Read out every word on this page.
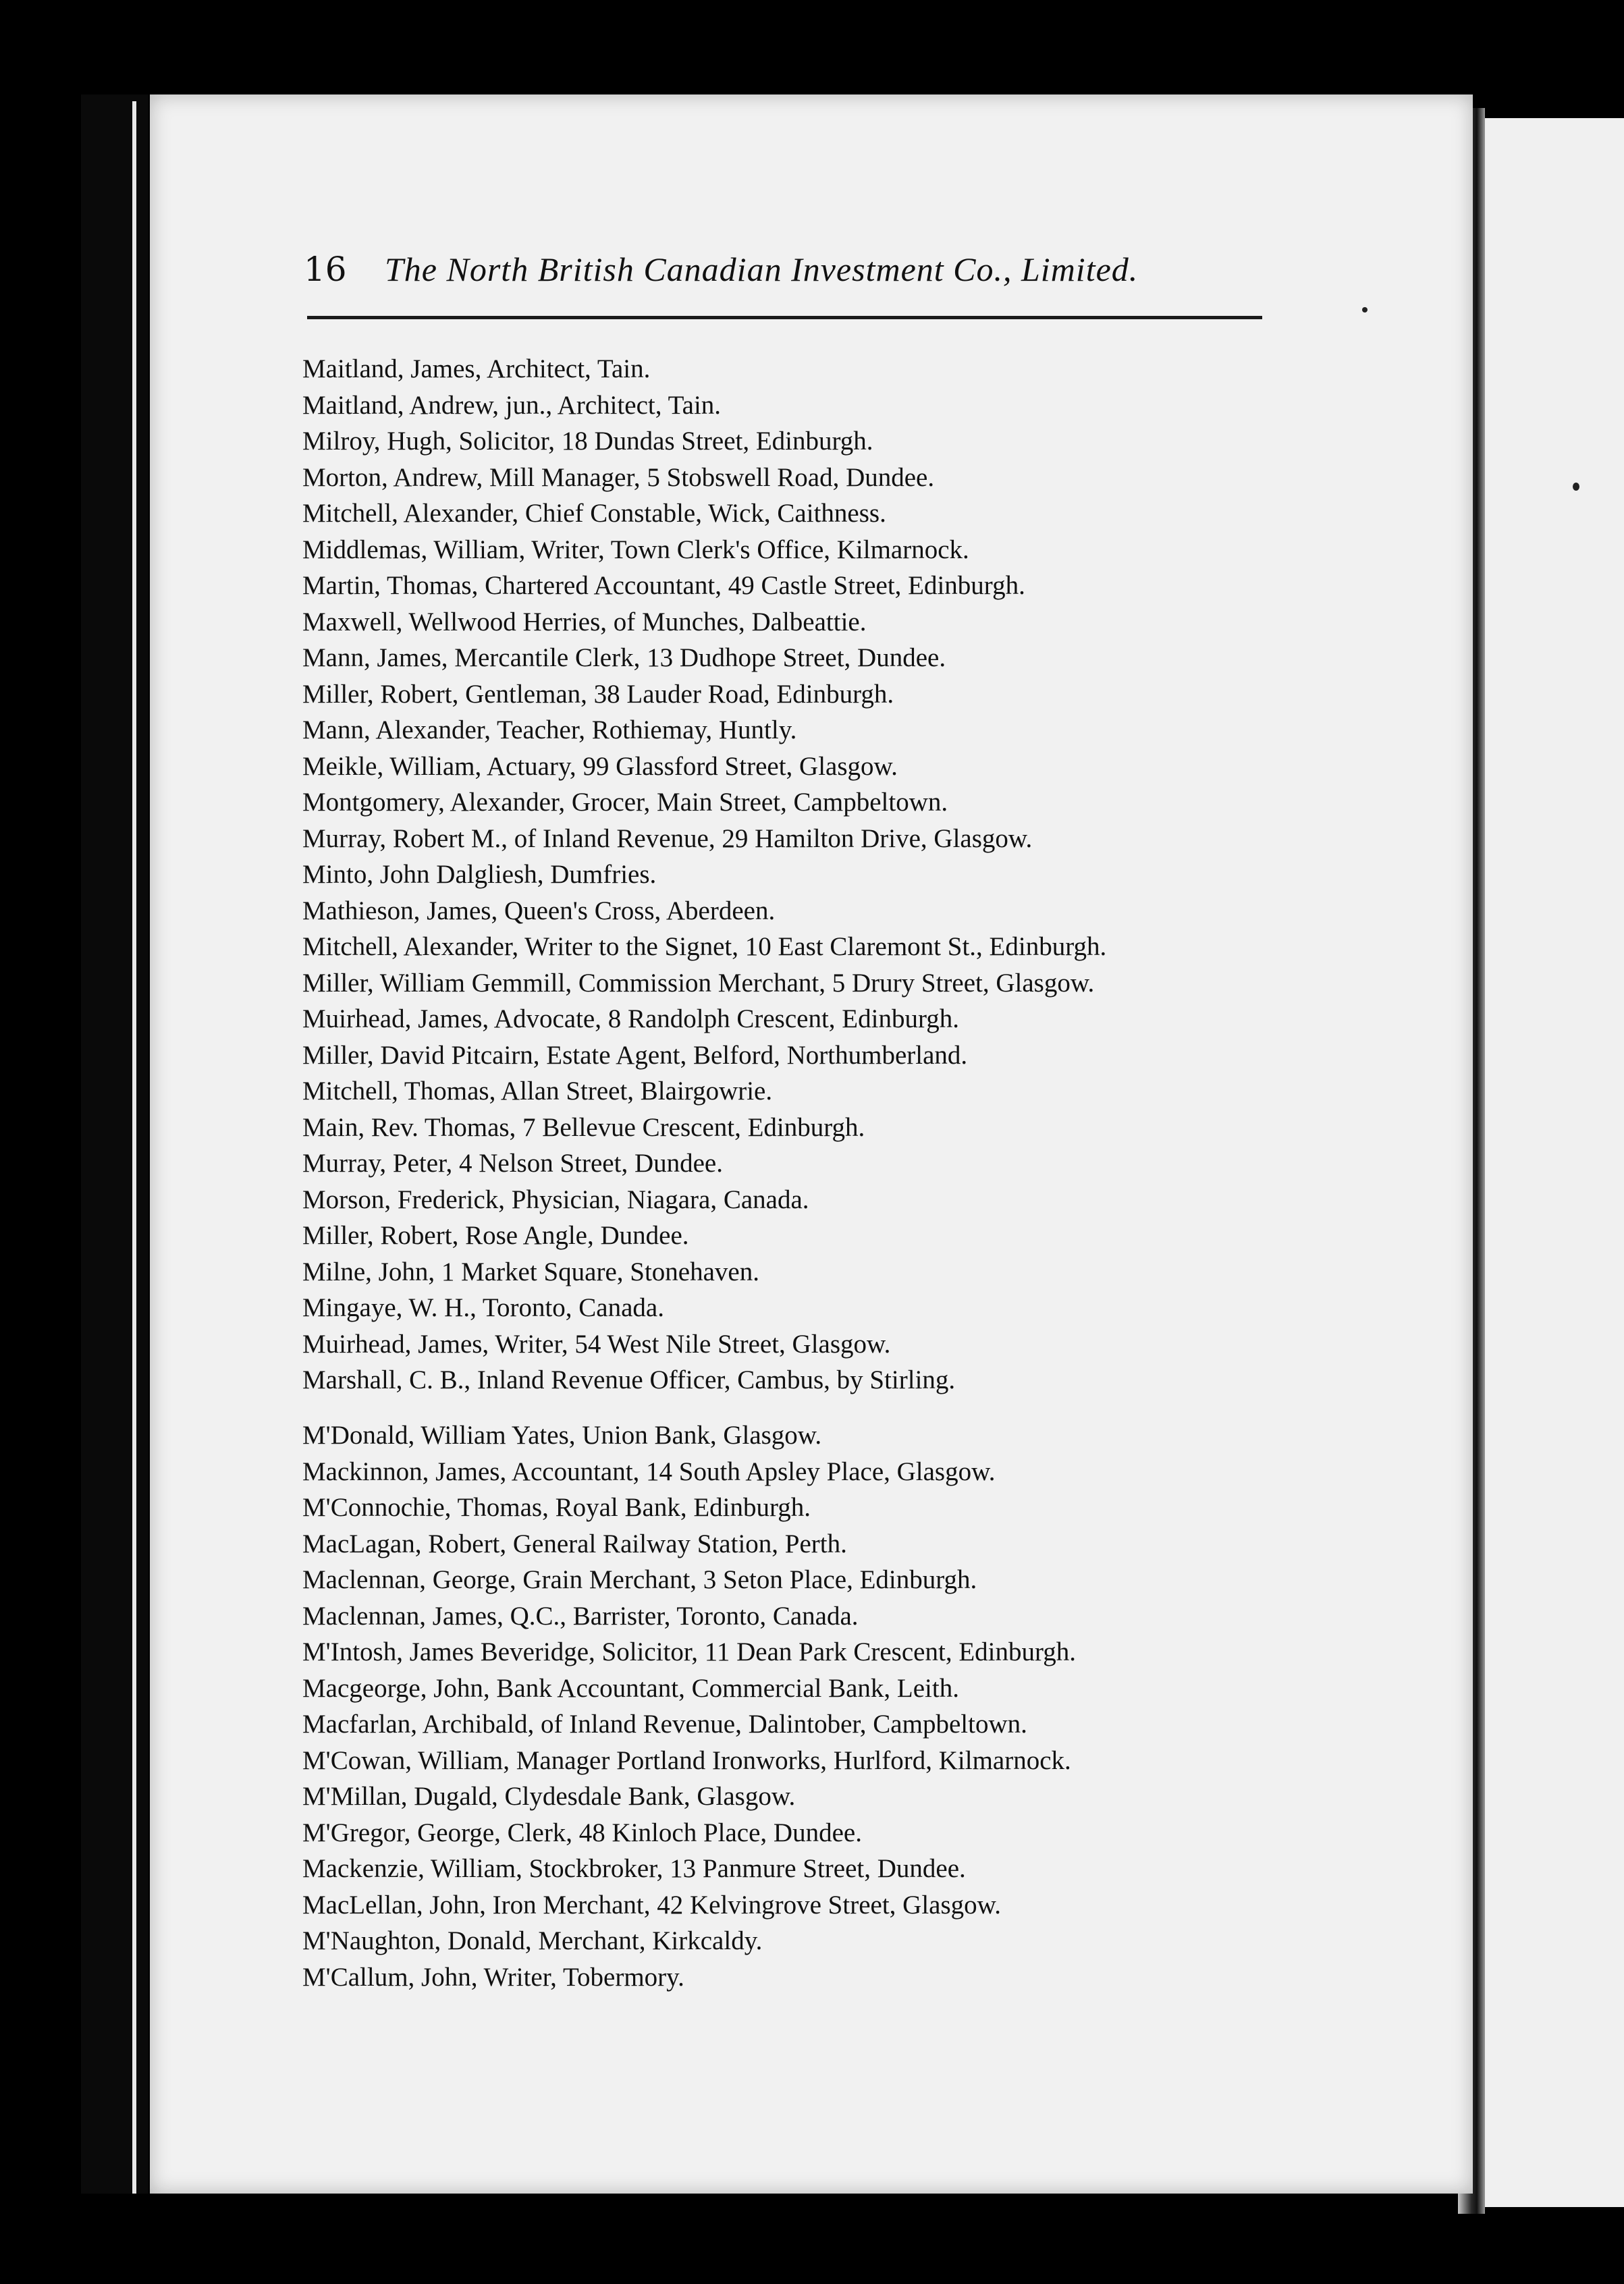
16	The North British Canadian Investment Co., Limited.
Maitland, James, Architect, Tain.
Maitland, Andrew, jun., Architect, Tain.
Milroy, Hugh, Solicitor, 18 Dundas Street, Edinburgh.
Morton, Andrew, Mill Manager, 5 Stobswell Road, Dundee.
Mitchell, Alexander, Chief Constable, Wick, Caithness.
Middlemas, William, Writer, Town Clerk's Office, Kilmarnock.
Martin, Thomas, Chartered Accountant, 49 Castle Street, Edinburgh.
Maxwell, Wellwood Herries, of Munches, Dalbeattie.
Mann, James, Mercantile Clerk, 13 Dudhope Street, Dundee.
Miller, Robert, Gentleman, 38 Lauder Road, Edinburgh.
Mann, Alexander, Teacher, Rothiemay, Huntly.
Meikle, William, Actuary, 99 Glassford Street, Glasgow.
Montgomery, Alexander, Grocer, Main Street, Campbeltown.
Murray, Robert M., of Inland Revenue, 29 Hamilton Drive, Glasgow.
Minto, John Dalgliesh, Dumfries.
Mathieson, James, Queen's Cross, Aberdeen.
Mitchell, Alexander, Writer to the Signet, 10 East Claremont St., Edinburgh.
Miller, William Gemmill, Commission Merchant, 5 Drury Street, Glasgow.
Muirhead, James, Advocate, 8 Randolph Crescent, Edinburgh.
Miller, David Pitcairn, Estate Agent, Belford, Northumberland.
Mitchell, Thomas, Allan Street, Blairgowrie.
Main, Rev. Thomas, 7 Bellevue Crescent, Edinburgh.
Murray, Peter, 4 Nelson Street, Dundee.
Morson, Frederick, Physician, Niagara, Canada.
Miller, Robert, Rose Angle, Dundee.
Milne, John, 1 Market Square, Stonehaven.
Mingaye, W. H., Toronto, Canada.
Muirhead, James, Writer, 54 West Nile Street, Glasgow.
Marshall, C. B., Inland Revenue Officer, Cambus, by Stirling.
M'Donald, William Yates, Union Bank, Glasgow.
Mackinnon, James, Accountant, 14 South Apsley Place, Glasgow.
M'Connochie, Thomas, Royal Bank, Edinburgh.
MacLagan, Robert, General Railway Station, Perth.
Maclennan, George, Grain Merchant, 3 Seton Place, Edinburgh.
Maclennan, James, Q.C., Barrister, Toronto, Canada.
M'Intosh, James Beveridge, Solicitor, 11 Dean Park Crescent, Edinburgh.
Macgeorge, John, Bank Accountant, Commercial Bank, Leith.
Macfarlan, Archibald, of Inland Revenue, Dalintober, Campbeltown.
M'Cowan, William, Manager Portland Ironworks, Hurlford, Kilmarnock.
M'Millan, Dugald, Clydesdale Bank, Glasgow.
M'Gregor, George, Clerk, 48 Kinloch Place, Dundee.
Mackenzie, William, Stockbroker, 13 Panmure Street, Dundee.
MacLellan, John, Iron Merchant, 42 Kelvingrove Street, Glasgow.
M'Naughton, Donald, Merchant, Kirkcaldy.
M'Callum, John, Writer, Tobermory.
